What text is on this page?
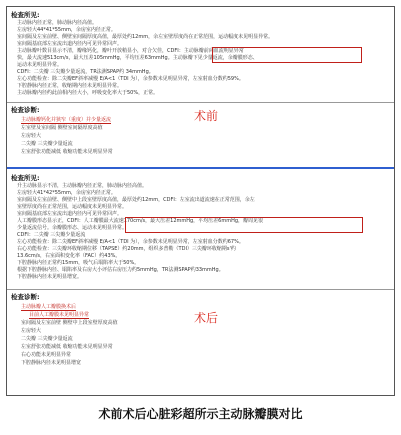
检查所见:
主动脉内径正常，肺动脉内径高值。
左房轻大44*41*55mm，余房室内径正常。
室间隔及左室前壁、侧壁室间隔厚度高值，最厚处约12mm，余左室壁厚度尚在正常范围，运动幅度未见明显异常。
室间隔基底部左室流出道内径内可见异常回声。
主动脉瓣叶数目显示不清，瓣缘钙化，瓣叶开放稍显小，对合欠佳，CDFI：主动脉瓣前向血流明显异常
快，最大流速513cm/s，最大压差105mmHg，平均压差63mmHg。主动脉瓣下见少量返流，余瓣膜形态、
运动未见明显异常。
CDFI：二尖瓣 三尖瓣少量返流，TR法测SPAP约 34mmHg。
左心功能检查：除二尖瓣EF斜率减慢 E/A<1（TDI 为），余参数未见明显异常，左室射血分数约59%。
下腔静脉内径正常，收缩期内径未见明显异常。
主动脉瓣内径约此前相内径大小，呼吸变化率大于50%，正常。
检查诊断:
主动脉瓣钙化并狭窄（重度）并少量返流
左室壁及室间隔 侧壁室间隔厚度高值
左房轻大
二尖瓣 三尖瓣少量返流
左室舒张功能减低 收缩功能未见明显异常
术前
检查所见:
升主动脉显示不清，主动脉瓣内径正常，肺动脉内径高值。
左房轻大41*42*55mm，余房室内径正常。
室间隔及左室前壁、侧壁中上段室壁厚度高值，最厚处约12mm，CDFI：左室流出道流速在正常范围，余左
室壁厚度尚在正常范围，运动幅度未见明显异常。
室间隔基底部左室流出道内径内可见异常回声。
人工瓣膜形态显示正，CDFI：人工瓣膜最大流速170cm/s，最大压差12mmHg，平均压差6mmHg，瓣周见很
少量返流信号。余瓣膜形态、运动未见明显异常。
CDFI：二尖瓣 三尖瓣少量返流
左心功能检查：除二尖瓣EF斜率减慢 E/A<1（TDI 为），余参数未见明显异常，左室射血分数约67%。
右心功能检查：三尖瓣环收缩期位移（TAPSE）约20mm，组织多普勒（TDI）三尖瓣环收缩期s'约
13.6cm/s，右室面积变化率（FAC）约43%。
下腔静脉内径正常约15mm，吸气后塌陷率大于50%。
根据下腔静脉内径、塌陷率及右房大小评估右房压力约5mmHg，TR法测SPAP约33mmHg。
下腔静脉内径未见明显增宽。
检查诊断:
主动脉瓣人工瓣膜换术后
目前人工瓣膜未见明显异常
室间隔及左室前壁 侧壁中上段室壁厚度高值
左房轻大
二尖瓣 三尖瓣少量返流
左室舒张功能减低 收缩功能未见明显异常
右心功能未见明显异常
下腔静脉内径未见明显增宽
术后
术前术后心脏彩超所示主动脉瓣膜对比
